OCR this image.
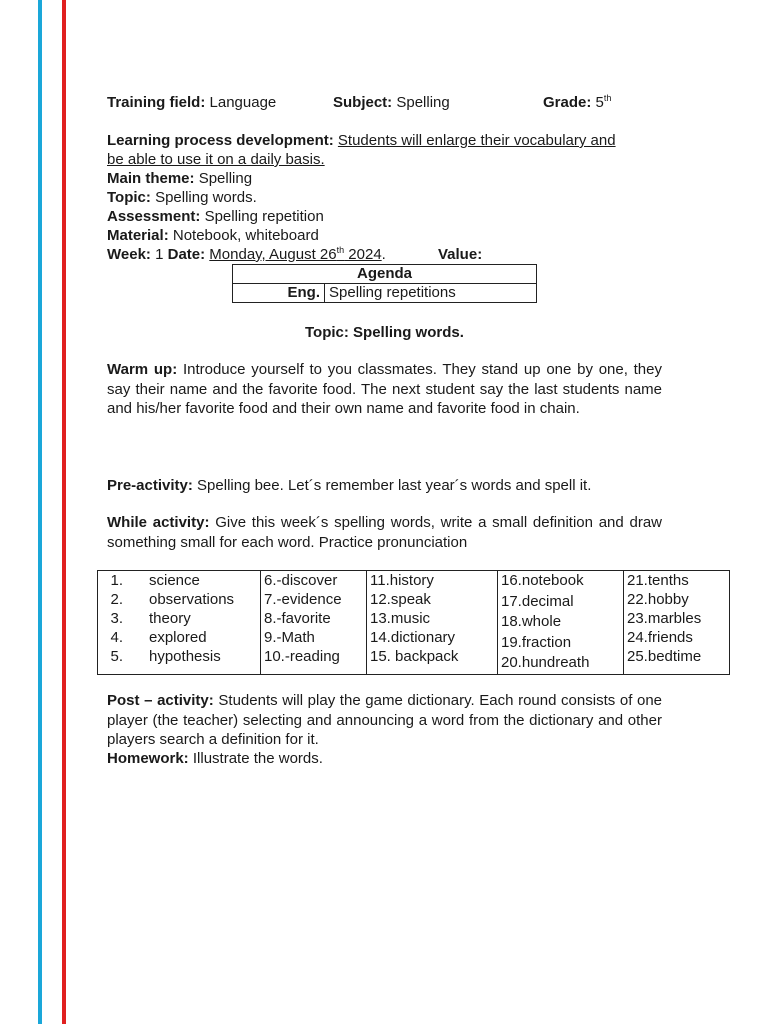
Training field: Language	Subject: Spelling	Grade: 5th
Learning process development: Students will enlarge their vocabulary and
be able to use it on a daily basis.
Main theme: Spelling
Topic: Spelling words.
Assessment: Spelling repetition
Material: Notebook, whiteboard
Week: 1 Date: Monday, August 26th 2024.	Value:
Agenda
Eng.	Spelling repetitions
Topic: Spelling words.
Warm up: Introduce yourself to you classmates. They stand up one by one, they say their name and the favorite food. The next student say the last students name and his/her favorite food and their own name and favorite food in chain.
Pre-activity: Spelling bee. Let´s remember last year´s words and spell it.
While activity: Give this week´s spelling words, write a small definition and draw something small for each word. Practice pronunciation
1. science
2. observations
3. theory
4. explored
5. hypothesis

6.-discover
7.-evidence
8.-favorite
9.-Math
10.-reading

11.history
12.speak
13.music
14.dictionary
15. backpack

16.notebook
17.decimal
18.whole
19.fraction
20.hundreath

21.tenths
22.hobby
23.marbles
24.friends
25.bedtime
Post – activity: Students will play the game dictionary. Each round consists of one player (the teacher) selecting and announcing a word from the dictionary and other players search a definition for it.
Homework: Illustrate the words.
